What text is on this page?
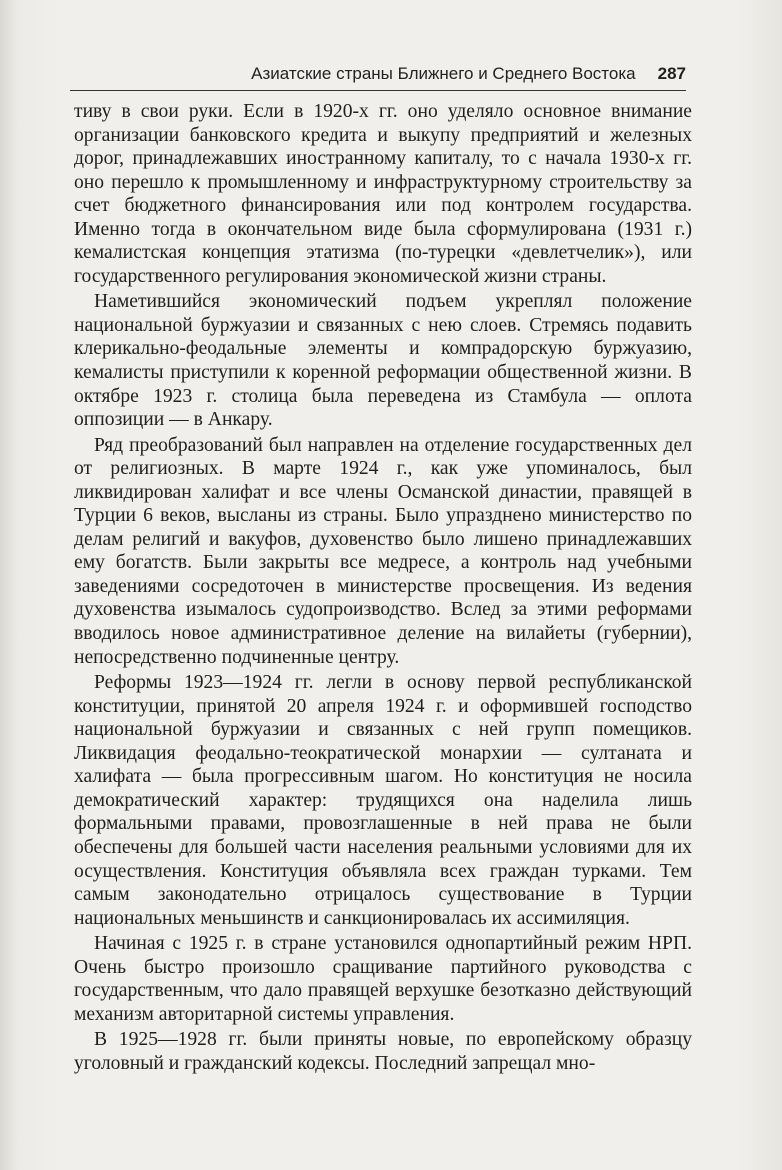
Азиатские страны Ближнего и Среднего Востока 287

тиву в свои руки. Если в 1920-х гг. оно уделяло основное внимание организации банковского кредита и выкупу предприятий и железных дорог, принадлежавших иностранному капиталу, то с начала 1930-х гг. оно перешло к промышленному и инфраструктурному строительству за счет бюджетного финансирования или под контролем государства. Именно тогда в окончательном виде была сформулирована (1931 г.) кемалистская концепция этатизма (по-турецки «девлетчелик»), или государственного регулирования экономической жизни страны.

Наметившийся экономический подъем укреплял положение национальной буржуазии и связанных с нею слоев. Стремясь подавить клерикально-феодальные элементы и компрадорскую буржуазию, кемалисты приступили к коренной реформации общественной жизни. В октябре 1923 г. столица была переведена из Стамбула — оплота оппозиции — в Анкару.

Ряд преобразований был направлен на отделение государственных дел от религиозных. В марте 1924 г., как уже упоминалось, был ликвидирован халифат и все члены Османской династии, правящей в Турции 6 веков, высланы из страны. Было упразднено министерство по делам религий и вакуфов, духовенство было лишено принадлежавших ему богатств. Были закрыты все медресе, а контроль над учебными заведениями сосредоточен в министерстве просвещения. Из ведения духовенства изымалось судопроизводство. Вслед за этими реформами вводилось новое административное деление на вилайеты (губернии), непосредственно подчиненные центру.

Реформы 1923—1924 гг. легли в основу первой республиканской конституции, принятой 20 апреля 1924 г. и оформившей господство национальной буржуазии и связанных с ней групп помещиков. Ликвидация феодально-теократической монархии — султаната и халифата — была прогрессивным шагом. Но конституция не носила демократический характер: трудящихся она наделила лишь формальными правами, провозглашенные в ней права не были обеспечены для большей части населения реальными условиями для их осуществления. Конституция объявляла всех граждан турками. Тем самым законодательно отрицалось существование в Турции национальных меньшинств и санкционировалась их ассимиляция.

Начиная с 1925 г. в стране установился однопартийный режим НРП. Очень быстро произошло сращивание партийного руководства с государственным, что дало правящей верхушке безотказно действующий механизм авторитарной системы управления.

В 1925—1928 гг. были приняты новые, по европейскому образцу уголовный и гражданский кодексы. Последний запрещал мно-
